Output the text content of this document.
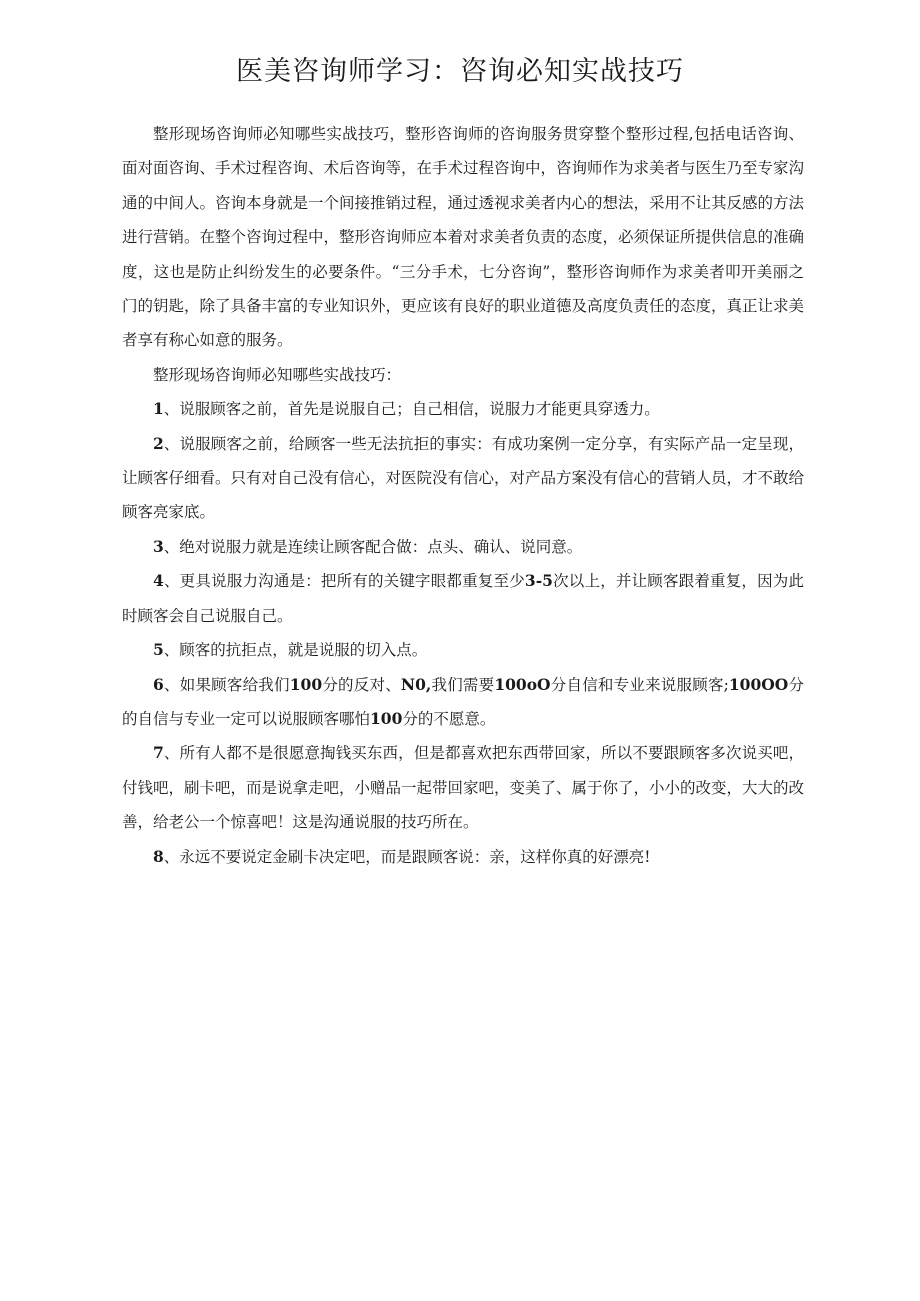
医美咨询师学习：咨询必知实战技巧

整形现场咨询师必知哪些实战技巧，整形咨询师的咨询服务贯穿整个整形过程,包括电话咨询、面对面咨询、手术过程咨询、术后咨询等，在手术过程咨询中，咨询师作为求美者与医生乃至专家沟通的中间人。咨询本身就是一个间接推销过程，通过透视求美者内心的想法，采用不让其反感的方法进行营销。在整个咨询过程中，整形咨询师应本着对求美者负责的态度，必须保证所提供信息的准确度，这也是防止纠纷发生的必要条件。“三分手术，七分咨询”，整形咨询师作为求美者叩开美丽之门的钥匙，除了具备丰富的专业知识外，更应该有良好的职业道德及高度负责任的态度，真正让求美者享有称心如意的服务。

整形现场咨询师必知哪些实战技巧：

1、说服顾客之前，首先是说服自己；自己相信，说服力才能更具穿透力。

2、说服顾客之前，给顾客一些无法抗拒的事实：有成功案例一定分享，有实际产品一定呈现，让顾客仔细看。只有对自己没有信心，对医院没有信心，对产品方案没有信心的营销人员，才不敢给顾客亮家底。

3、绝对说服力就是连续让顾客配合做：点头、确认、说同意。

4、更具说服力沟通是：把所有的关键字眼都重复至少3-5次以上，并让顾客跟着重复，因为此时顾客会自己说服自己。

5、顾客的抗拒点，就是说服的切入点。

6、如果顾客给我们100分的反对、N0,我们需要100oO分自信和专业来说服顾客;100OO分的自信与专业一定可以说服顾客哪怕100分的不愿意。

7、所有人都不是很愿意掏钱买东西，但是都喜欢把东西带回家，所以不要跟顾客多次说买吧，付钱吧，刷卡吧，而是说拿走吧，小赠品一起带回家吧，变美了、属于你了，小小的改变，大大的改善，给老公一个惊喜吧！这是沟通说服的技巧所在。

8、永远不要说定金刷卡决定吧，而是跟顾客说：亲，这样你真的好漂亮!
